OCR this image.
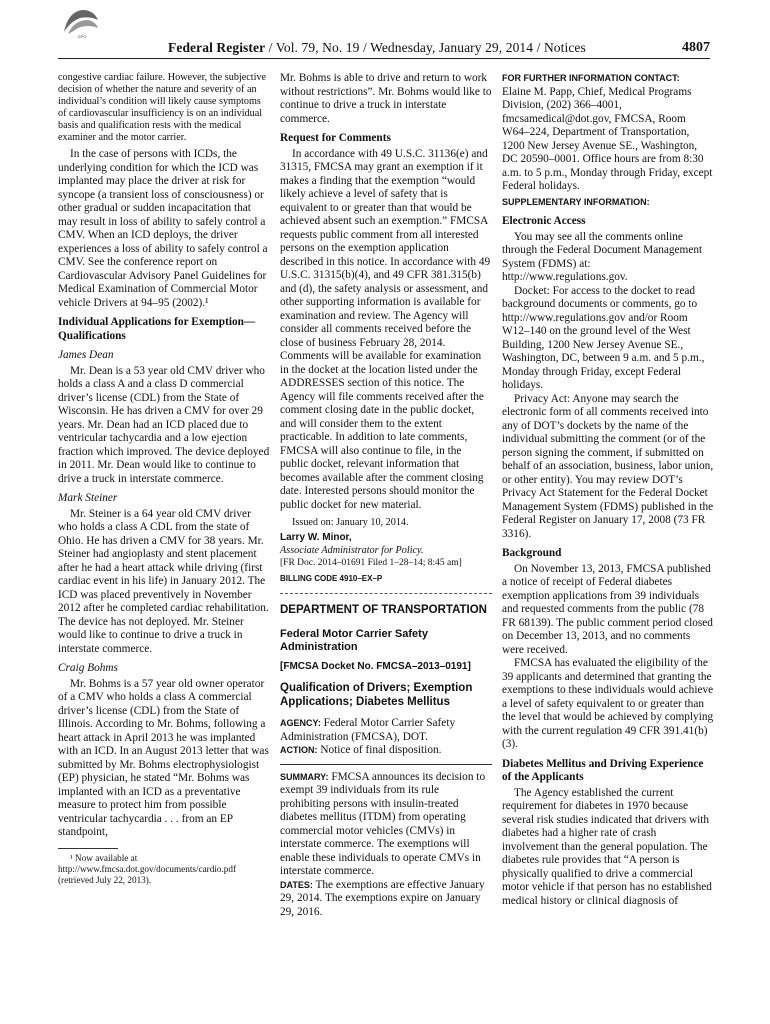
GPO
Federal Register / Vol. 79, No. 19 / Wednesday, January 29, 2014 / Notices	4807

congestive cardiac failure. However, the subjective decision of whether the nature and severity of an individual’s condition will likely cause symptoms of cardiovascular insufficiency is on an individual basis and qualification rests with the medical examiner and the motor carrier.

In the case of persons with ICDs, the underlying condition for which the ICD was implanted may place the driver at risk for syncope (a transient loss of consciousness) or other gradual or sudden incapacitation that may result in loss of ability to safely control a CMV. When an ICD deploys, the driver experiences a loss of ability to safely control a CMV. See the conference report on Cardiovascular Advisory Panel Guidelines for Medical Examination of Commercial Motor vehicle Drivers at 94–95 (2002).¹

Individual Applications for Exemption—Qualifications

James Dean

Mr. Dean is a 53 year old CMV driver who holds a class A and a class D commercial driver’s license (CDL) from the State of Wisconsin. He has driven a CMV for over 29 years. Mr. Dean had an ICD placed due to ventricular tachycardia and a low ejection fraction which improved. The device deployed in 2011. Mr. Dean would like to continue to drive a truck in interstate commerce.

Mark Steiner

Mr. Steiner is a 64 year old CMV driver who holds a class A CDL from the state of Ohio. He has driven a CMV for 38 years. Mr. Steiner had angioplasty and stent placement after he had a heart attack while driving (first cardiac event in his life) in January 2012. The ICD was placed preventively in November 2012 after he completed cardiac rehabilitation. The device has not deployed. Mr. Steiner would like to continue to drive a truck in interstate commerce.

Craig Bohms

Mr. Bohms is a 57 year old owner operator of a CMV who holds a class A commercial driver’s license (CDL) from the State of Illinois. According to Mr. Bohms, following a heart attack in April 2013 he was implanted with an ICD. In an August 2013 letter that was submitted by Mr. Bohms electrophysiologist (EP) physician, he stated “Mr. Bohms was implanted with an ICD as a preventative measure to protect him from possible ventricular tachycardia . . . from an EP standpoint,

¹ Now available at http://www.fmcsa.dot.gov/documents/cardio.pdf (retrieved July 22, 2013).

Mr. Bohms is able to drive and return to work without restrictions”. Mr. Bohms would like to continue to drive a truck in interstate commerce.

Request for Comments

In accordance with 49 U.S.C. 31136(e) and 31315, FMCSA may grant an exemption if it makes a finding that the exemption “would likely achieve a level of safety that is equivalent to or greater than that would be achieved absent such an exemption.” FMCSA requests public comment from all interested persons on the exemption application described in this notice. In accordance with 49 U.S.C. 31315(b)(4), and 49 CFR 381.315(b) and (d), the safety analysis or assessment, and other supporting information is available for examination and review. The Agency will consider all comments received before the close of business February 28, 2014. Comments will be available for examination in the docket at the location listed under the ADDRESSES section of this notice. The Agency will file comments received after the comment closing date in the public docket, and will consider them to the extent practicable. In addition to late comments, FMCSA will also continue to file, in the public docket, relevant information that becomes available after the comment closing date. Interested persons should monitor the public docket for new material.

Issued on: January 10, 2014.

Larry W. Minor,

Associate Administrator for Policy.

[FR Doc. 2014–01691 Filed 1–28–14; 8:45 am]

BILLING CODE 4910–EX–P

DEPARTMENT OF TRANSPORTATION

Federal Motor Carrier Safety Administration

[FMCSA Docket No. FMCSA–2013–0191]

Qualification of Drivers; Exemption Applications; Diabetes Mellitus

AGENCY: Federal Motor Carrier Safety Administration (FMCSA), DOT.

ACTION: Notice of final disposition.

SUMMARY: FMCSA announces its decision to exempt 39 individuals from its rule prohibiting persons with insulin-treated diabetes mellitus (ITDM) from operating commercial motor vehicles (CMVs) in interstate commerce. The exemptions will enable these individuals to operate CMVs in interstate commerce.

DATES: The exemptions are effective January 29, 2014. The exemptions expire on January 29, 2016.

FOR FURTHER INFORMATION CONTACT:

Elaine M. Papp, Chief, Medical Programs Division, (202) 366–4001, fmcsamedical@dot.gov, FMCSA, Room W64–224, Department of Transportation, 1200 New Jersey Avenue SE., Washington, DC 20590–0001. Office hours are from 8:30 a.m. to 5 p.m., Monday through Friday, except Federal holidays.

SUPPLEMENTARY INFORMATION:

Electronic Access

You may see all the comments online through the Federal Document Management System (FDMS) at: http://www.regulations.gov.

Docket: For access to the docket to read background documents or comments, go to http://www.regulations.gov and/or Room W12–140 on the ground level of the West Building, 1200 New Jersey Avenue SE., Washington, DC, between 9 a.m. and 5 p.m., Monday through Friday, except Federal holidays.

Privacy Act: Anyone may search the electronic form of all comments received into any of DOT’s dockets by the name of the individual submitting the comment (or of the person signing the comment, if submitted on behalf of an association, business, labor union, or other entity). You may review DOT’s Privacy Act Statement for the Federal Docket Management System (FDMS) published in the Federal Register on January 17, 2008 (73 FR 3316).

Background

On November 13, 2013, FMCSA published a notice of receipt of Federal diabetes exemption applications from 39 individuals and requested comments from the public (78 FR 68139). The public comment period closed on December 13, 2013, and no comments were received.

FMCSA has evaluated the eligibility of the 39 applicants and determined that granting the exemptions to these individuals would achieve a level of safety equivalent to or greater than the level that would be achieved by complying with the current regulation 49 CFR 391.41(b)(3).

Diabetes Mellitus and Driving Experience of the Applicants

The Agency established the current requirement for diabetes in 1970 because several risk studies indicated that drivers with diabetes had a higher rate of crash involvement than the general population. The diabetes rule provides that “A person is physically qualified to drive a commercial motor vehicle if that person has no established medical history or clinical diagnosis of
